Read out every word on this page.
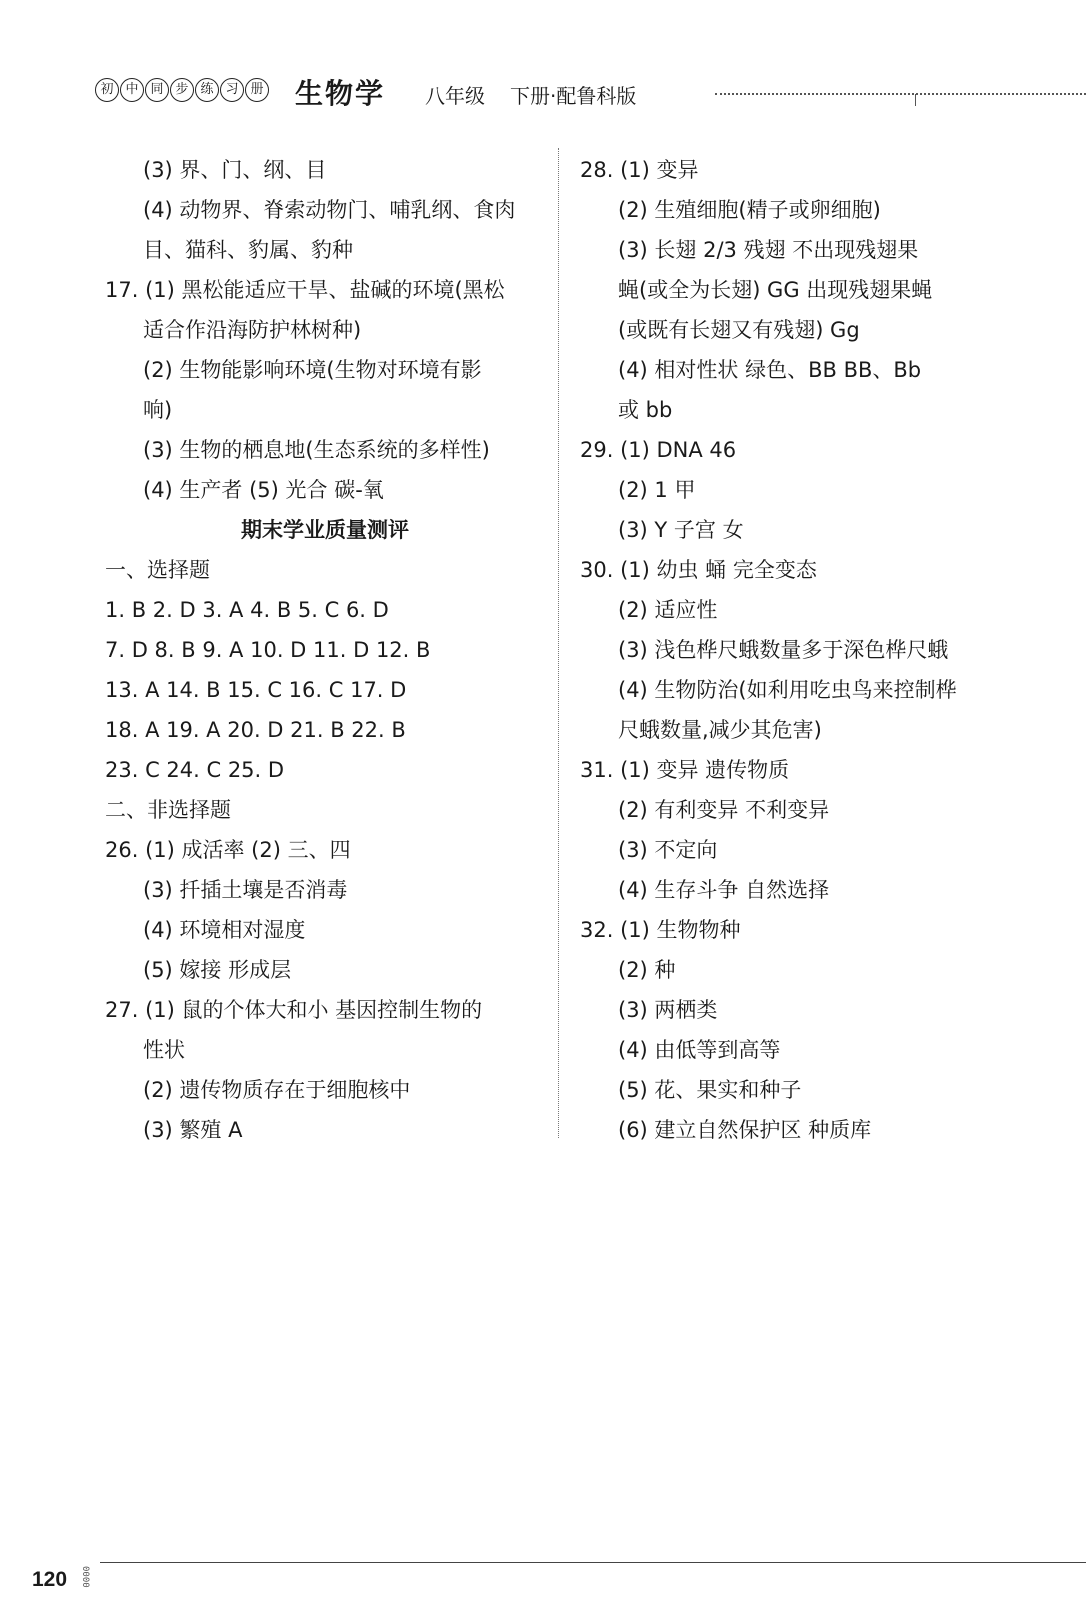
初 中 同 步 练 习 册 生物学 八年级 下册·配鲁科版
(3) 界、门、纲、目
(4) 动物界、脊索动物门、哺乳纲、食肉
目、猫科、豹属、豹种
17. (1) 黑松能适应干旱、盐碱的环境(黑松
适合作沿海防护林树种)
(2) 生物能影响环境(生物对环境有影
响)
(3) 生物的栖息地(生态系统的多样性)
(4) 生产者 (5) 光合 碳-氧
期末学业质量测评
一、选择题
1. B 2. D 3. A 4. B 5. C 6. D
7. D 8. B 9. A 10. D 11. D 12. B
13. A 14. B 15. C 16. C 17. D
18. A 19. A 20. D 21. B 22. B
23. C 24. C 25. D
二、非选择题
26. (1) 成活率 (2) 三、四
(3) 扦插土壤是否消毒
(4) 环境相对湿度
(5) 嫁接 形成层
27. (1) 鼠的个体大和小 基因控制生物的
性状
(2) 遗传物质存在于细胞核中
(3) 繁殖 A
28. (1) 变异
(2) 生殖细胞(精子或卵细胞)
(3) 长翅 2/3 残翅 不出现残翅果
蝇(或全为长翅) GG 出现残翅果蝇
(或既有长翅又有残翅) Gg
(4) 相对性状 绿色、BB BB、Bb
或 bb
29. (1) DNA 46
(2) 1 甲
(3) Y 子宫 女
30. (1) 幼虫 蛹 完全变态
(2) 适应性
(3) 浅色桦尺蛾数量多于深色桦尺蛾
(4) 生物防治(如利用吃虫鸟来控制桦
尺蛾数量,减少其危害)
31. (1) 变异 遗传物质
(2) 有利变异 不利变异
(3) 不定向
(4) 生存斗争 自然选择
32. (1) 生物物种
(2) 种
(3) 两栖类
(4) 由低等到高等
(5) 花、果实和种子
(6) 建立自然保护区 种质库
120 0000
